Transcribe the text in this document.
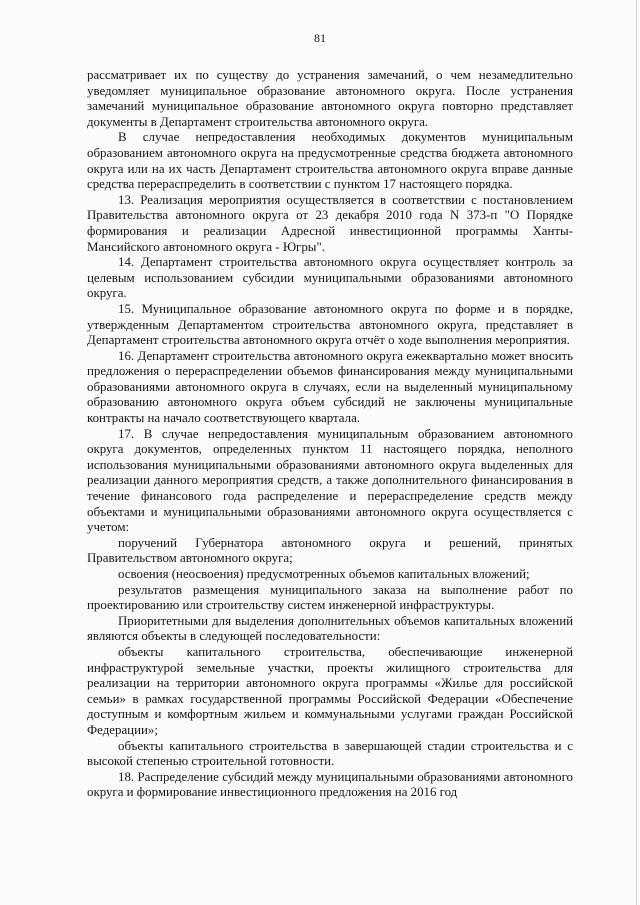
81

рассматривает их по существу до устранения замечаний, о чем незамедлительно уведомляет муниципальное образование автономного округа. После устранения замечаний муниципальное образование автономного округа повторно представляет документы в Департамент строительства автономного округа.

В случае непредоставления необходимых документов муниципальным образованием автономного округа на предусмотренные средства бюджета автономного округа или на их часть Департамент строительства автономного округа вправе данные средства перераспределить в соответствии с пунктом 17 настоящего порядка.

13. Реализация мероприятия осуществляется в соответствии с постановлением Правительства автономного округа от 23 декабря 2010 года N 373-п "О Порядке формирования и реализации Адресной инвестиционной программы Ханты-Мансийского автономного округа - Югры".

14. Департамент строительства автономного округа осуществляет контроль за целевым использованием субсидии муниципальными образованиями автономного округа.

15. Муниципальное образование автономного округа по форме и в порядке, утвержденным Департаментом строительства автономного округа, представляет в Департамент строительства автономного округа отчёт о ходе выполнения мероприятия.

16. Департамент строительства автономного округа ежеквартально может вносить предложения о перераспределении объемов финансирования между муниципальными образованиями автономного округа в случаях, если на выделенный муниципальному образованию автономного округа объем субсидий не заключены муниципальные контракты на начало соответствующего квартала.

17. В случае непредоставления муниципальным образованием автономного округа документов, определенных пунктом 11 настоящего порядка, неполного использования муниципальными образованиями автономного округа выделенных для реализации данного мероприятия средств, а также дополнительного финансирования в течение финансового года распределение и перераспределение средств между объектами и муниципальными образованиями автономного округа осуществляется с учетом:

поручений Губернатора автономного округа и решений, принятых Правительством автономного округа;

освоения (неосвоения) предусмотренных объемов капитальных вложений;

результатов размещения муниципального заказа на выполнение работ по проектированию или строительству систем инженерной инфраструктуры.

Приоритетными для выделения дополнительных объемов капитальных вложений являются объекты в следующей последовательности:

объекты капитального строительства, обеспечивающие инженерной инфраструктурой земельные участки, проекты жилищного строительства для реализации на территории автономного округа программы «Жилье для российской семьи» в рамках государственной программы Российской Федерации «Обеспечение доступным и комфортным жильем и коммунальными услугами граждан Российской Федерации»;

объекты капитального строительства в завершающей стадии строительства и с высокой степенью строительной готовности.

18. Распределение субсидий между муниципальными образованиями автономного округа и формирование инвестиционного предложения на 2016 год
